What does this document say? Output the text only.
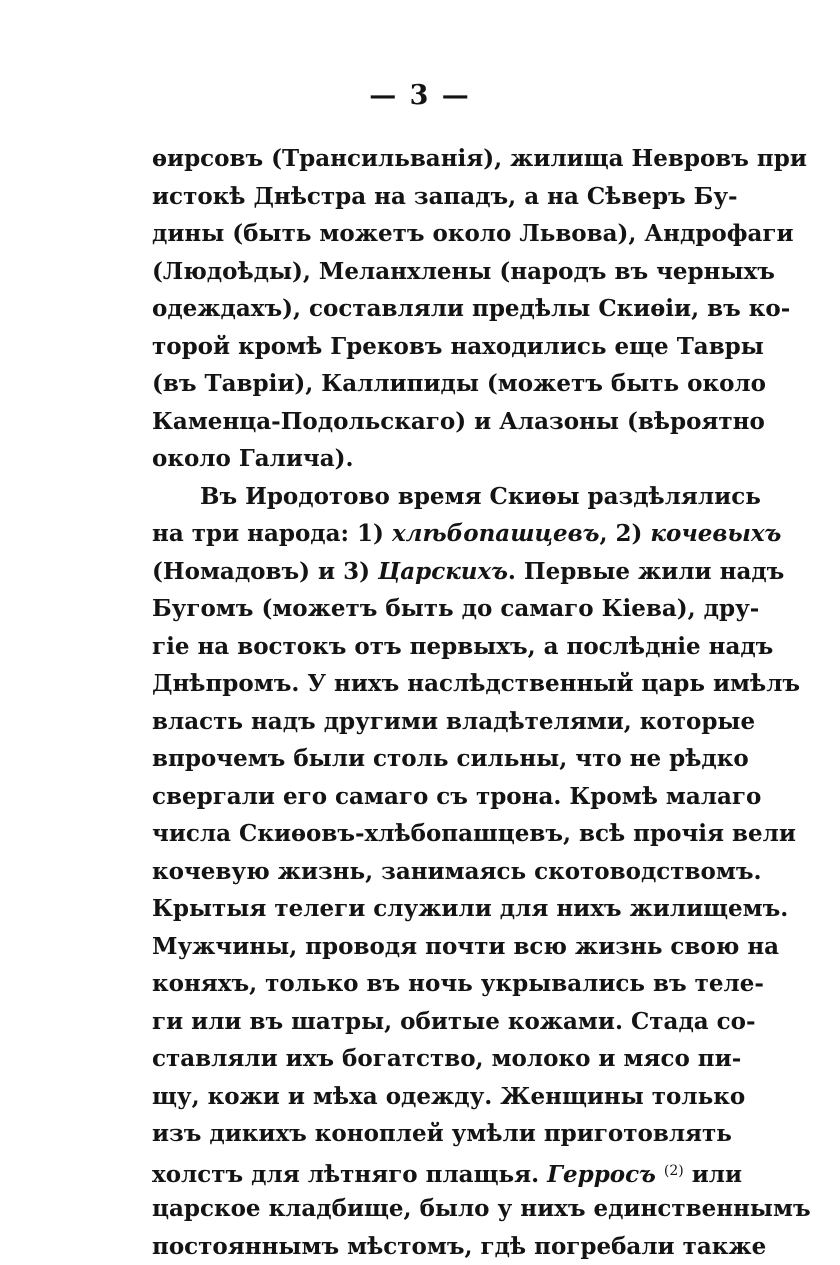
— 3 —
ѳирсовъ (Трансильванія), жилища Невровъ при
истокѣ Днѣстра на западъ, а на Сѣверъ Бу-
дины (быть можетъ около Львова), Андрофаги
(Людоѣды), Меланхлены (народъ въ черныхъ
одеждахъ), составляли предѣлы Скиѳіи, въ ко-
торой кромѣ Грековъ находились еще Тавры
(въ Тавріи), Каллипиды (можетъ быть около
Каменца-Подольскаго) и Алазоны (вѣроятно
около Галича).
Въ Иродотово время Скиѳы раздѣлялись
на три народа: 1) хлѣбопашцевъ, 2) кочевыхъ
(Номадовъ) и 3) Царскихъ. Первые жили надъ
Бугомъ (можетъ быть до самаго Кіева), дру-
гіе на востокъ отъ первыхъ, а послѣдніе надъ
Днѣпромъ. У нихъ наслѣдственный царь имѣлъ
власть надъ другими владѣтелями, которые
впрочемъ были столь сильны, что не рѣдко
свергали его самаго съ трона. Кромѣ малаго
числа Скиѳовъ-хлѣбопашцевъ, всѣ прочія вели
кочевую жизнь, занимаясь скотоводствомъ.
Крытыя телеги служили для нихъ жилищемъ.
Мужчины, проводя почти всю жизнь свою на
коняхъ, только въ ночь укрывались въ теле-
ги или въ шатры, обитые кожами. Стада со-
ставляли ихъ богатство, молоко и мясо пи-
щу, кожи и мѣха одежду. Женщины только
изъ дикихъ коноплей умѣли приготовлять
холстъ для лѣтняго плащья. Герросъ $^{(2)}$ или
царское кладбище, было у нихъ единственнымъ
постояннымъ мѣстомъ, гдѣ погребали также
